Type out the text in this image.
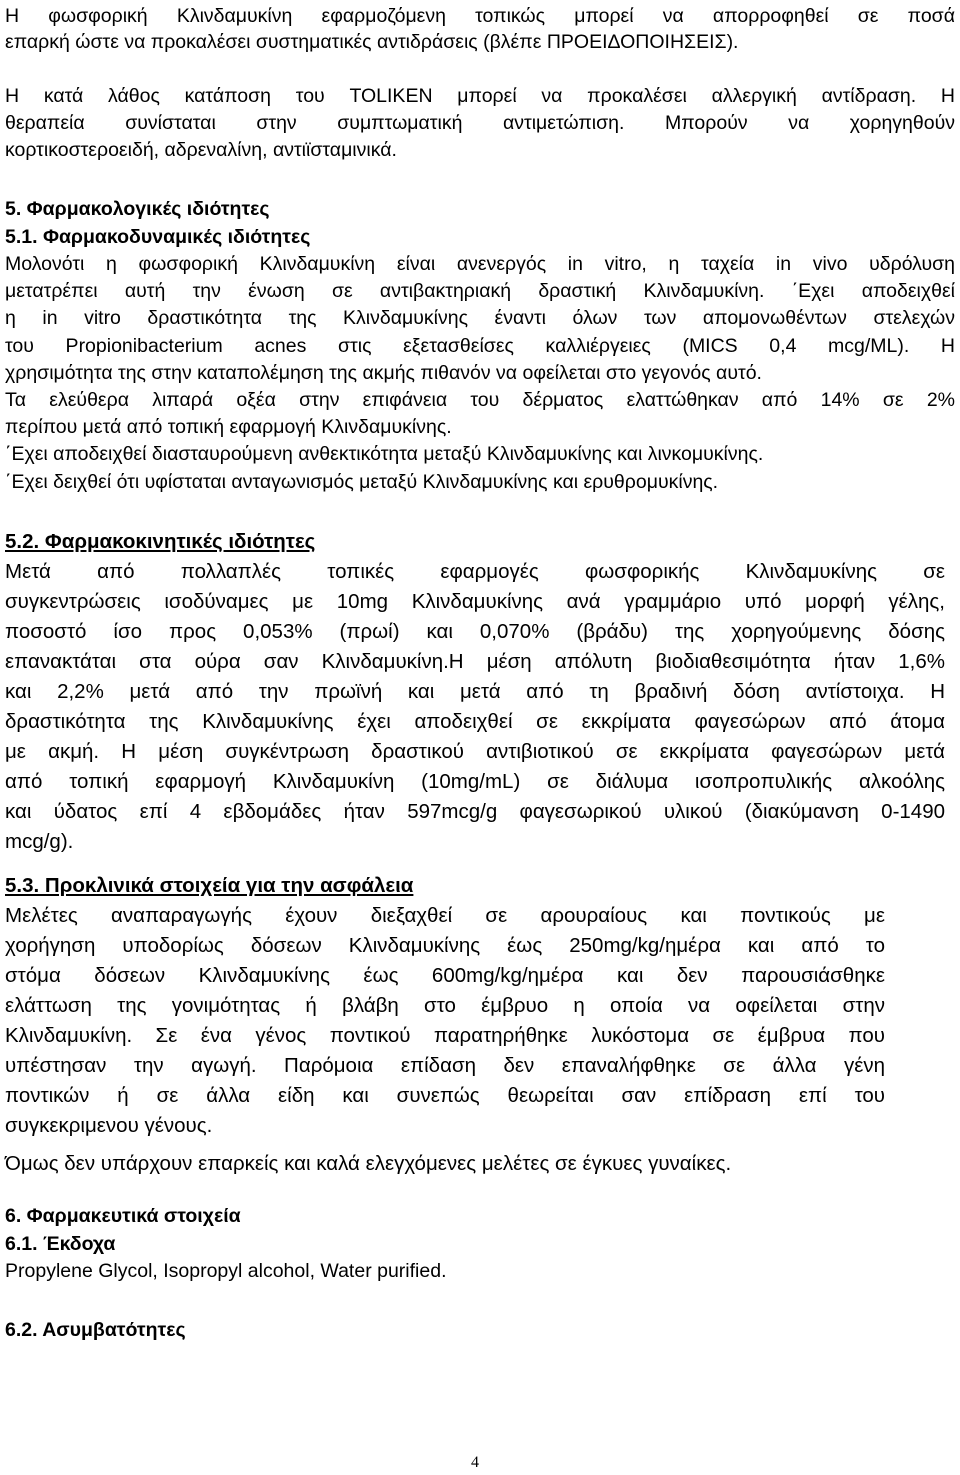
Η φωσφορική Κλινδαμυκίνη εφαρμοζόμενη τοπικώς μπορεί να απορροφηθεί σε ποσά
επαρκή ώστε να προκαλέσει συστηματικές αντιδράσεις (βλέπε ΠΡΟΕΙΔΟΠΟΙΗΣΕΙΣ).
Η κατά λάθος κατάποση του TOLIKEN μπορεί να προκαλέσει αλλεργική αντίδραση. Η
θεραπεία συνίσταται στην συμπτωματική αντιμετώπιση. Μπορούν να χορηγηθούν
κορτικοστεροειδή, αδρεναλίνη, αντιϊσταμινικά.
5. Φαρμακολογικές ιδιότητες
5.1. Φαρμακοδυναμικές ιδιότητες
Μολονότι η φωσφορική Κλινδαμυκίνη είναι ανενεργός in vitro, η ταχεία in vivo υδρόλυση
μετατρέπει αυτή την ένωση σε αντιβακτηριακή δραστική Κλινδαμυκίνη. ΄Εχει αποδειχθεί
η in vitro δραστικότητα της Κλινδαμυκίνης έναντι όλων των απομονωθέντων στελεχών
του Propionibacterium acnes στις εξετασθείσες καλλιέργειες (MICS 0,4 mcg/ML). Η
χρησιμότητα της στην καταπολέμηση της ακμής πιθανόν να οφείλεται στο γεγονός αυτό.
Τα ελεύθερα λιπαρά οξέα στην επιφάνεια του δέρματος ελαττώθηκαν από 14% σε 2%
περίπου μετά από τοπική εφαρμογή Κλινδαμυκίνης.
΄Εχει αποδειχθεί διασταυρούμενη ανθεκτικότητα μεταξύ Κλινδαμυκίνης και λινκομυκίνης.
΄Εχει δειχθεί ότι υφίσταται ανταγωνισμός μεταξύ Κλινδαμυκίνης και ερυθρομυκίνης.
5.2. Φαρμακοκινητικές ιδιότητες
Μετά από πολλαπλές τοπικές εφαρμογές φωσφορικής Κλινδαμυκίνης σε
συγκεντρώσεις ισοδύναμες με 10mg Κλινδαμυκίνης ανά γραμμάριο υπό μορφή γέλης,
ποσοστό ίσο προς 0,053% (πρωί) και 0,070% (βράδυ) της χορηγούμενης δόσης
επανακτάται στα ούρα σαν Κλινδαμυκίνη.Η μέση απόλυτη βιοδιαθεσιμότητα ήταν 1,6%
και 2,2% μετά από την πρωϊνή και μετά από τη βραδινή δόση αντίστοιχα. Η
δραστικότητα της Κλινδαμυκίνης έχει αποδειχθεί σε εκκρίματα φαγεσώρων από άτομα
με ακμή. Η μέση συγκέντρωση δραστικού αντιβιοτικού σε εκκρίματα φαγεσώρων μετά
από τοπική εφαρμογή Κλινδαμυκίνη (10mg/mL) σε διάλυμα ισοπρoπυλικής αλκοόλης
και ύδατος επί 4 εβδομάδες ήταν 597mcg/g φαγεσωρικού υλικού (διακύμανση 0-1490
mcg/g).
5.3. Προκλινικά στοιχεία για την ασφάλεια
Μελέτες αναπαραγωγής έχουν διεξαχθεί σε αρουραίους και ποντικούς με
χορήγηση υποδορίως δόσεων Κλινδαμυκίνης έως 250mg/kg/ημέρα και από το
στόμα δόσεων Κλινδαμυκίνης έως 600mg/kg/ημέρα και δεν παρουσιάσθηκε
ελάττωση της γονιμότητας ή βλάβη στο έμβρυο η οποία να οφείλεται στην
Κλινδαμυκίνη. Σε ένα γένος ποντικού παρατηρήθηκε λυκόστομα σε έμβρυα που
υπέστησαν την αγωγή. Παρόμοια επίδαση δεν επαναλήφθηκε σε άλλα γένη
ποντικών ή σε άλλα είδη και συνεπώς θεωρείται σαν επίδραση επί του
συγκεκριμενου γένους.
Όμως δεν υπάρχουν επαρκείς και καλά ελεγχόμενες μελέτες σε έγκυες γυναίκες.
6. Φαρμακευτικά στοιχεία
6.1. Έκδοχα
Propylene Glycol, Isopropyl alcohol, Water purified.
6.2. Ασυμβατότητες
4
